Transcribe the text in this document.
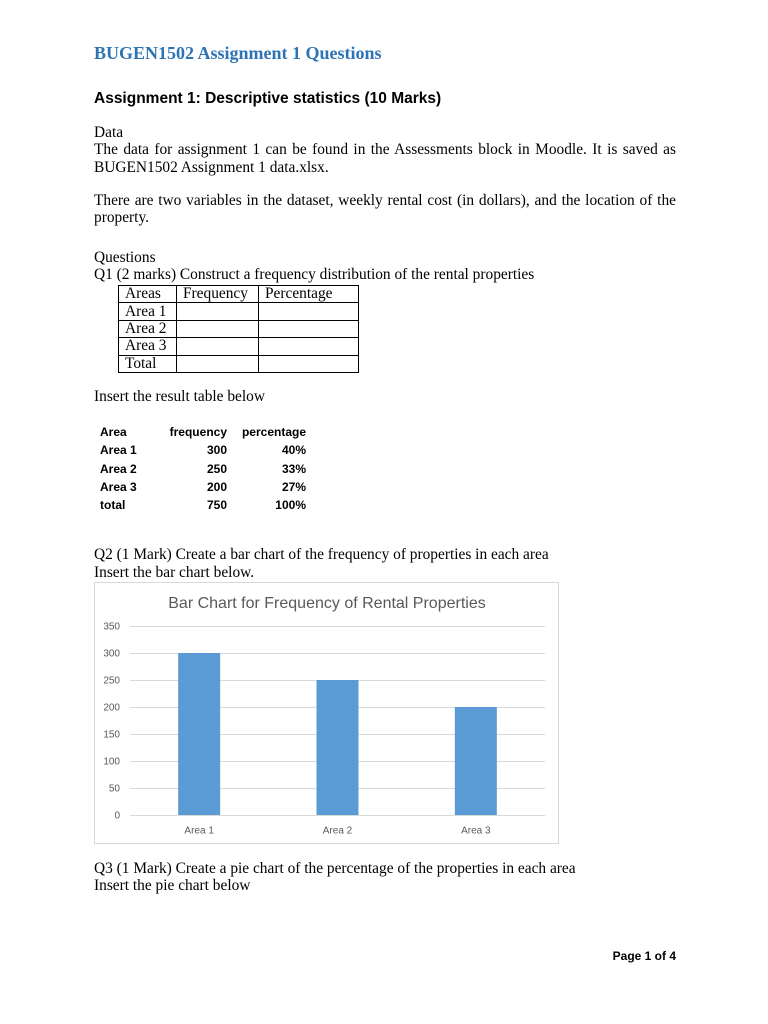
BUGEN1502 Assignment 1 Questions
Assignment 1: Descriptive statistics (10 Marks)
Data
The data for assignment 1 can be found in the Assessments block in Moodle. It is saved as
BUGEN1502 Assignment 1 data.xlsx.
There are two variables in the dataset, weekly rental cost (in dollars), and the location of the
property.
Questions
Q1 (2 marks) Construct a frequency distribution of the rental properties
Areas	Frequency	Percentage
Area 1		
Area 2		
Area 3		
Total		
Insert the result table below
Area	frequency	percentage
Area 1	300	40%
Area 2	250	33%
Area 3	200	27%
total	750	100%
Q2 (1 Mark) Create a bar chart of the frequency of properties in each area
Insert the bar chart below.
0
50
100
150
200
250
300
350
Area 1	Area 2	Area 3
Bar Chart for Frequency of Rental Properties
Q3 (1 Mark) Create a pie chart of the percentage of the properties in each area
Insert the pie chart below
Page 1 of 4
